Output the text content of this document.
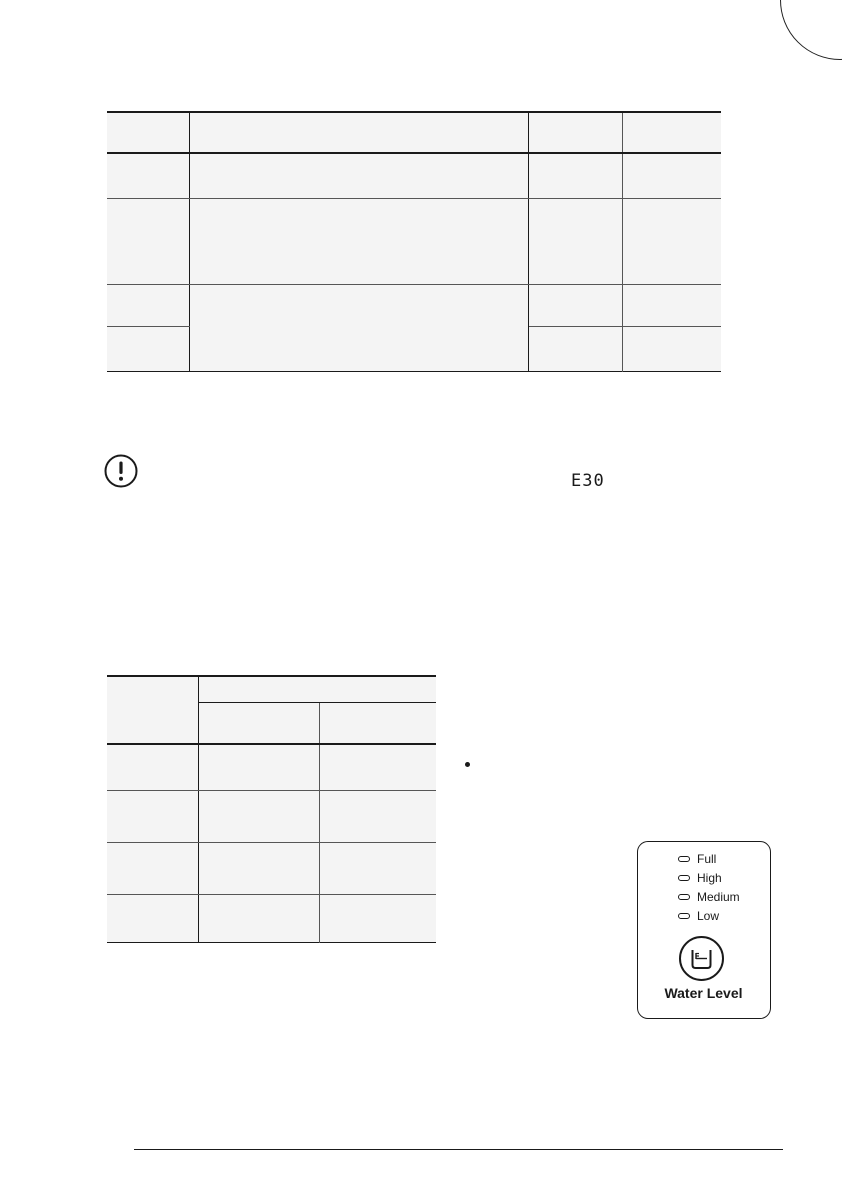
E30

Full
High
Medium
Low
Water Level
